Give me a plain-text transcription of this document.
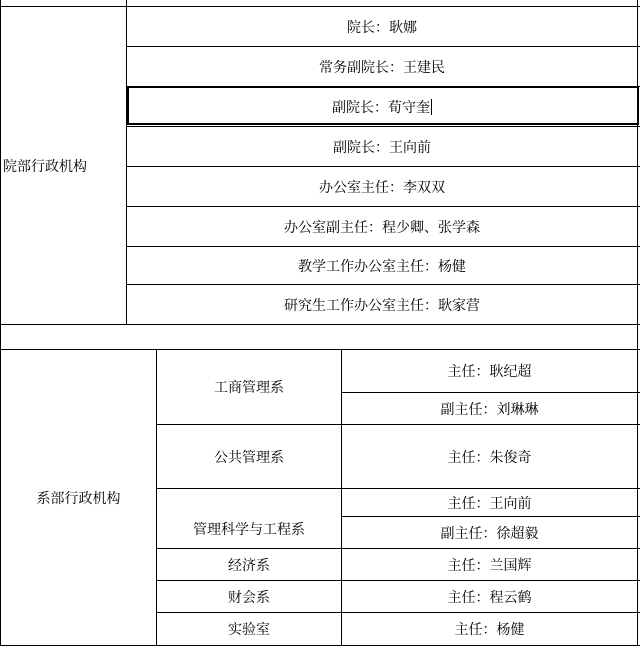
院部行政机构
院长：耿娜
常务副院长：王建民
副院长：荀守奎
副院长：王向前
办公室主任：李双双
办公室副主任：程少卿、张学森
教学工作办公室主任：杨健
研究生工作办公室主任：耿家营
系部行政机构
工商管理系
主任：耿纪超
副主任：刘琳琳
公共管理系	主任：朱俊奇
管理科学与工程系
主任：王向前
副主任：徐超毅
经济系	主任：兰国辉
财会系	主任：程云鹤
实验室	主任：杨健
